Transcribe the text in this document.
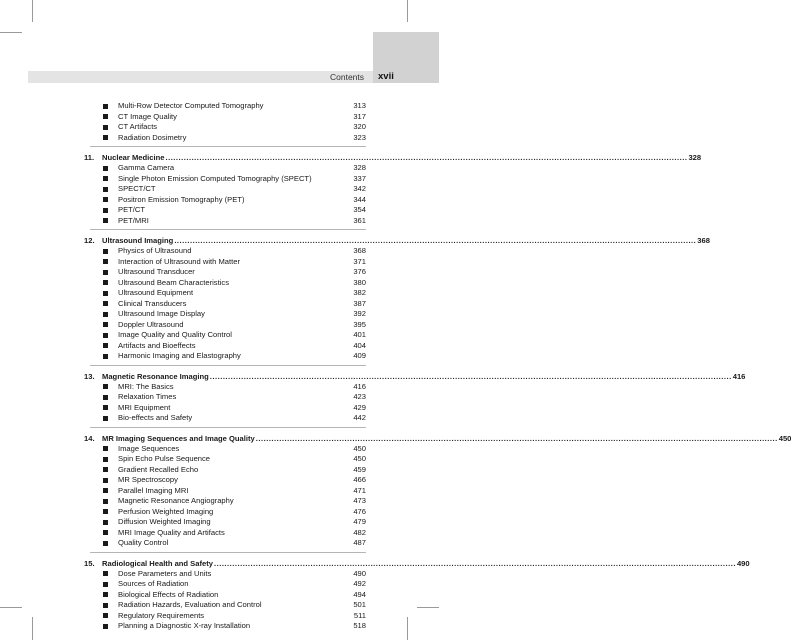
Contents xvii
Multi-Row Detector Computed Tomography	313
CT Image Quality	317
CT Artifacts	320
Radiation Dosimetry	323
11.	Nuclear Medicine ........................................................................................................................................................................................................ 328
Gamma Camera	328
Single Photon Emission Computed Tomography (SPECT)	337
SPECT/CT	342
Positron Emission Tomography (PET)	344
PET/CT	354
PET/MRI	361
12. Ultrasound Imaging ........................................................................................................................................................................................................ 368
Physics of Ultrasound	368
Interaction of Ultrasound with Matter	371
Ultrasound Transducer	376
Ultrasound Beam Characteristics	380
Ultrasound Equipment	382
Clinical Transducers	387
Ultrasound Image Display	392
Doppler Ultrasound	395
Image Quality and Quality Control	401
Artifacts and Bioeffects	404
Harmonic Imaging and Elastography	409
13. Magnetic Resonance Imaging ........................................................................................................................................................................................................ 416
MRI: The Basics	416
Relaxation Times	423
MRI Equipment	429
Bio-effects and Safety	442
14. MR Imaging Sequences and Image Quality ........................................................................................................................................................................................................ 450
Image Sequences	450
Spin Echo Pulse Sequence	450
Gradient Recalled Echo	459
MR Spectroscopy	466
Parallel Imaging MRI	471
Magnetic Resonance Angiography	473
Perfusion Weighted Imaging	476
Diffusion Weighted Imaging	479
MRI Image Quality and Artifacts	482
Quality Control	487
15. Radiological Health and Safety ........................................................................................................................................................................................................ 490
Dose Parameters and Units	490
Sources of Radiation	492
Biological Effects of Radiation	494
Radiation Hazards, Evaluation and Control	501
Regulatory Requirements	511
Planning a Diagnostic X-ray Installation	518
